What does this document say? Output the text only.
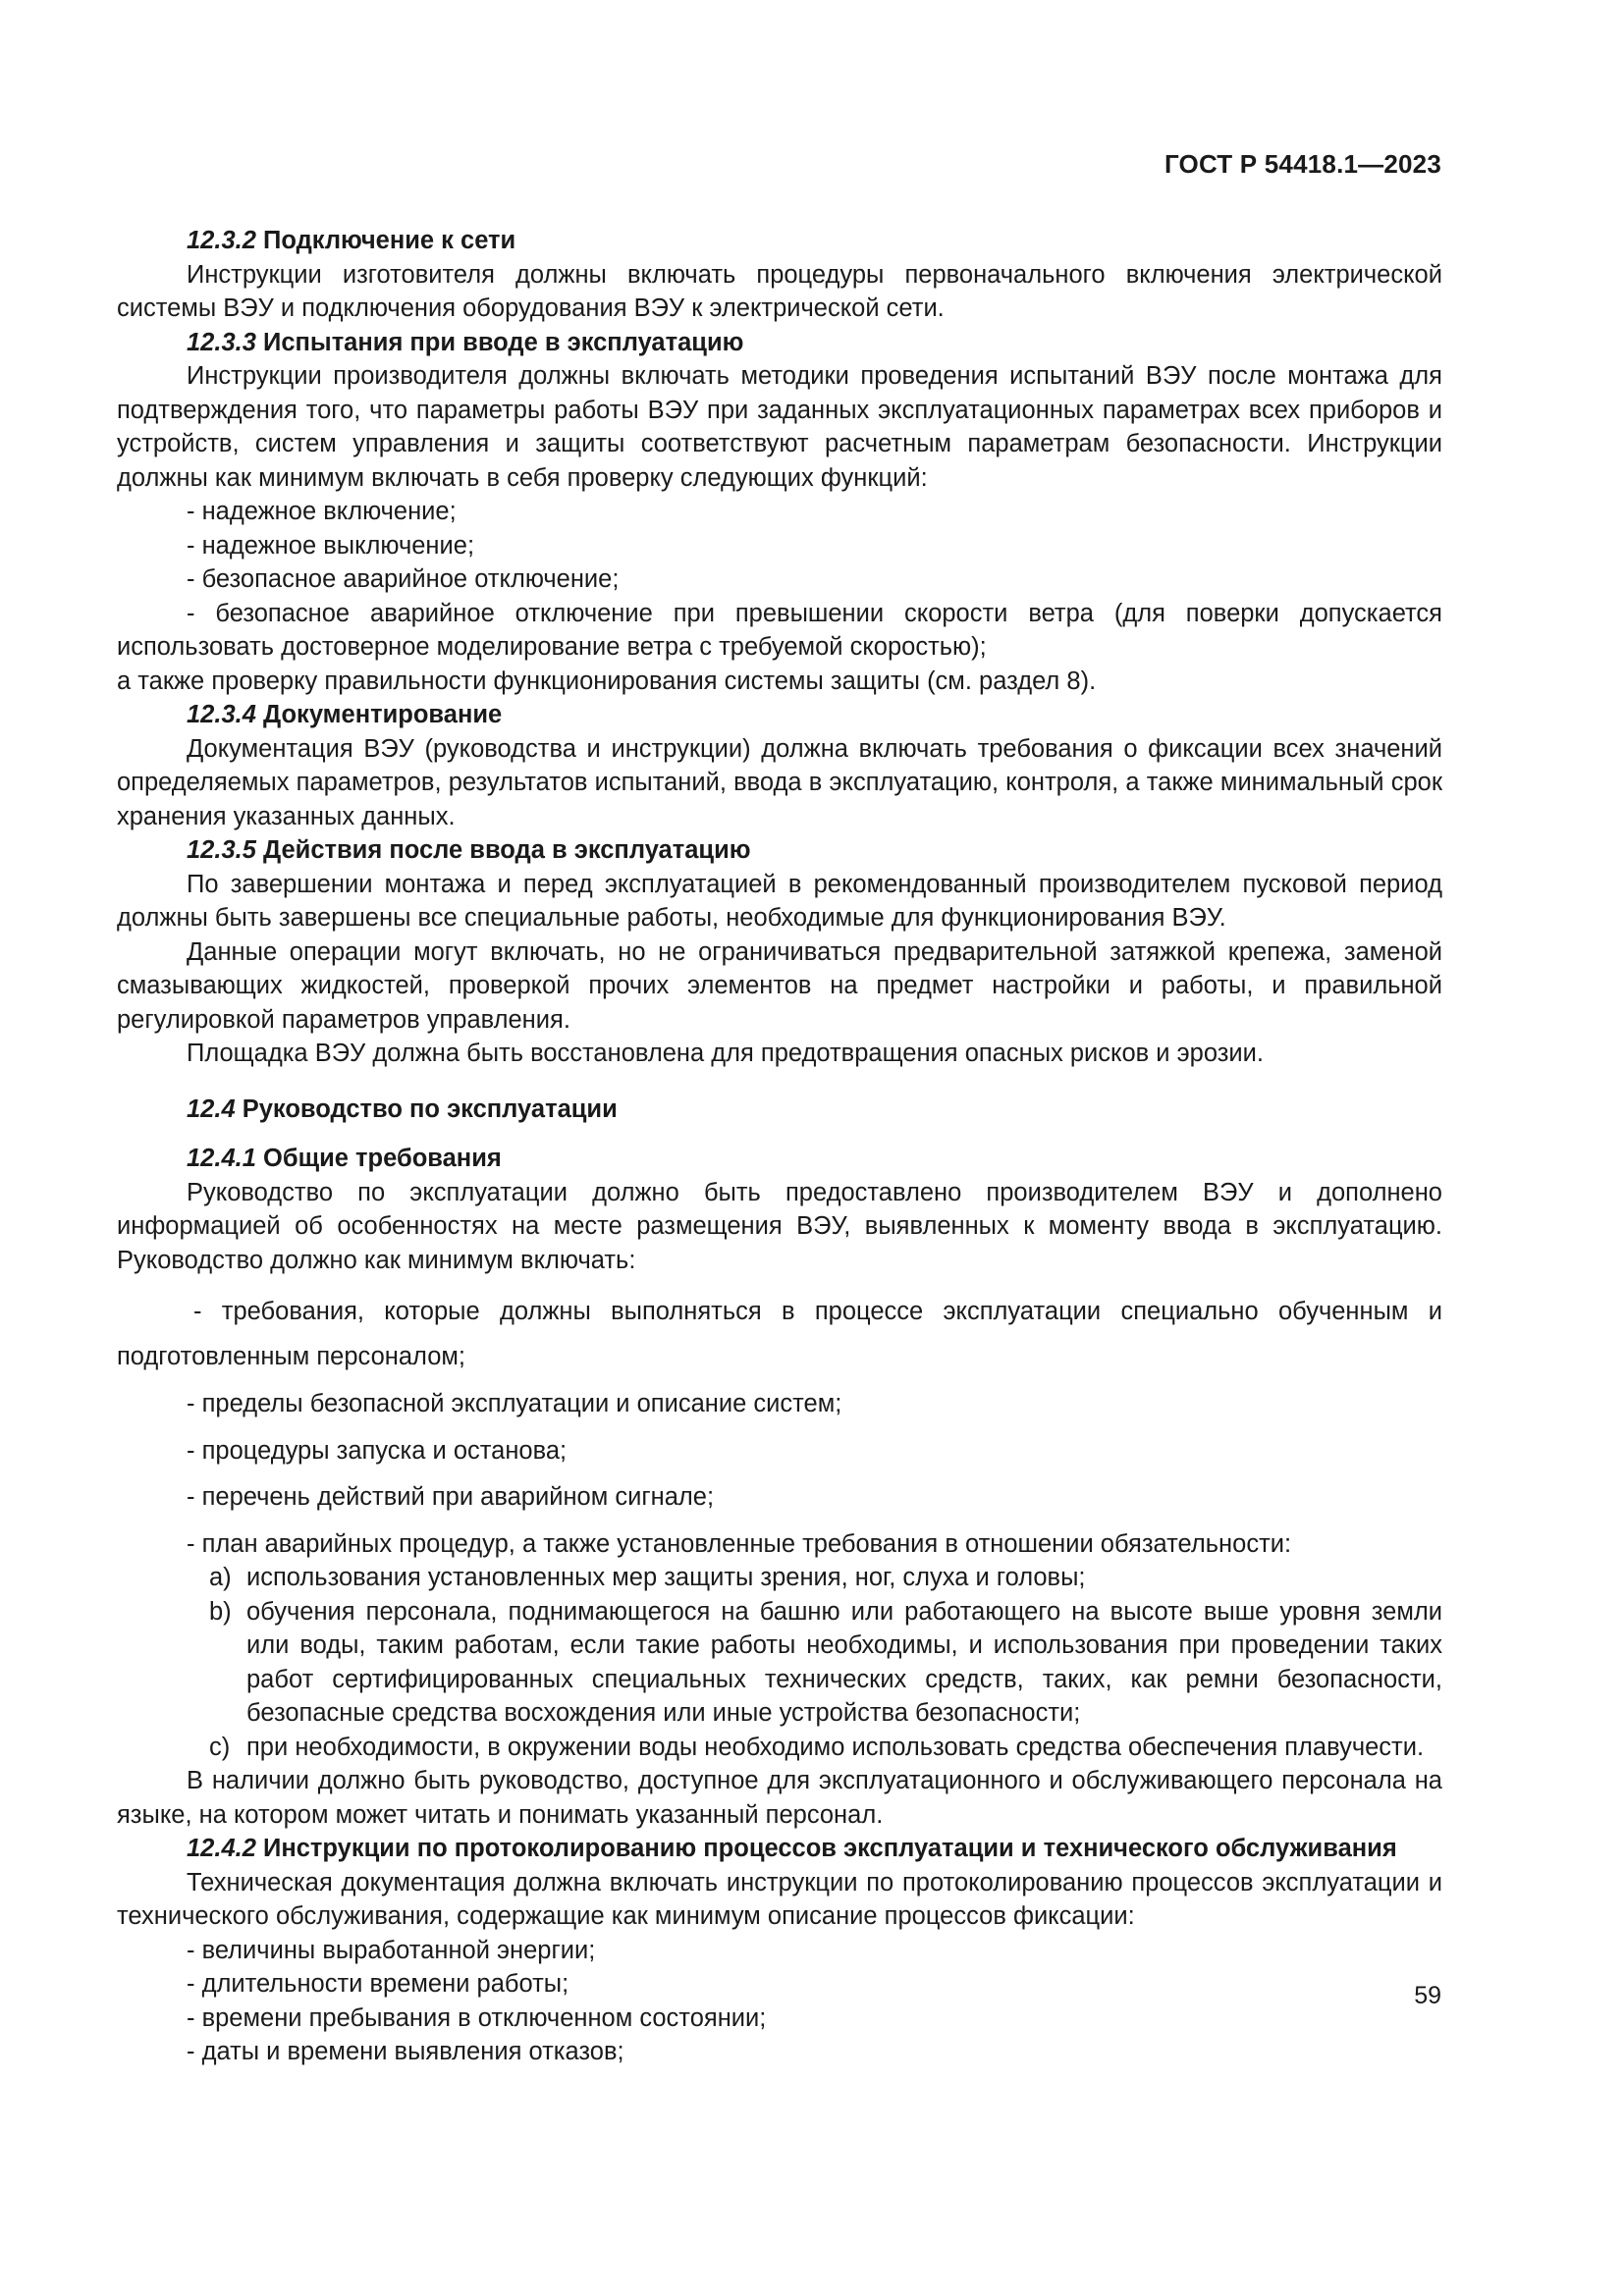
ГОСТ Р 54418.1—2023
12.3.2 Подключение к сети

Инструкции изготовителя должны включать процедуры первоначального включения электрической системы ВЭУ и подключения оборудования ВЭУ к электрической сети.

12.3.3 Испытания при вводе в эксплуатацию

Инструкции производителя должны включать методики проведения испытаний ВЭУ после монтажа для подтверждения того, что параметры работы ВЭУ при заданных эксплуатационных параметрах всех приборов и устройств, систем управления и защиты соответствуют расчетным параметрам безопасности. Инструкции должны как минимум включать в себя проверку следующих функций:

- надежное включение;

- надежное выключение;

- безопасное аварийное отключение;

- безопасное аварийное отключение при превышении скорости ветра (для поверки допускается использовать достоверное моделирование ветра с требуемой скоростью);

а также проверку правильности функционирования системы защиты (см. раздел 8).

12.3.4 Документирование

Документация ВЭУ (руководства и инструкции) должна включать требования о фиксации всех значений определяемых параметров, результатов испытаний, ввода в эксплуатацию, контроля, а также минимальный срок хранения указанных данных.

12.3.5 Действия после ввода в эксплуатацию

По завершении монтажа и перед эксплуатацией в рекомендованный производителем пусковой период должны быть завершены все специальные работы, необходимые для функционирования ВЭУ.

Данные операции могут включать, но не ограничиваться предварительной затяжкой крепежа, заменой смазывающих жидкостей, проверкой прочих элементов на предмет настройки и работы, и правильной регулировкой параметров управления.

Площадка ВЭУ должна быть восстановлена для предотвращения опасных рисков и эрозии.

12.4 Руководство по эксплуатации
12.4.1 Общие требования

Руководство по эксплуатации должно быть предоставлено производителем ВЭУ и дополнено информацией об особенностях на месте размещения ВЭУ, выявленных к моменту ввода в эксплуатацию. Руководство должно как минимум включать:

- требования, которые должны выполняться в процессе эксплуатации специально обученным и подготовленным персоналом;

- пределы безопасной эксплуатации и описание систем;

- процедуры запуска и останова;

- перечень действий при аварийном сигнале;

- план аварийных процедур, а также установленные требования в отношении обязательности:

a) использования установленных мер защиты зрения, ног, слуха и головы;
b) обучения персонала, поднимающегося на башню или работающего на высоте выше уровня земли или воды, таким работам, если такие работы необходимы, и использования при проведении таких работ сертифицированных специальных технических средств, таких, как ремни безопасности, безопасные средства восхождения или иные устройства безопасности;
c) при необходимости, в окружении воды необходимо использовать средства обеспечения плавучести.

В наличии должно быть руководство, доступное для эксплуатационного и обслуживающего персонала на языке, на котором может читать и понимать указанный персонал.

12.4.2 Инструкции по протоколированию процессов эксплуатации и технического обслуживания

Техническая документация должна включать инструкции по протоколированию процессов эксплуатации и технического обслуживания, содержащие как минимум описание процессов фиксации:

- величины выработанной энергии;

- длительности времени работы;

- времени пребывания в отключенном состоянии;

- даты и времени выявления отказов;

59
